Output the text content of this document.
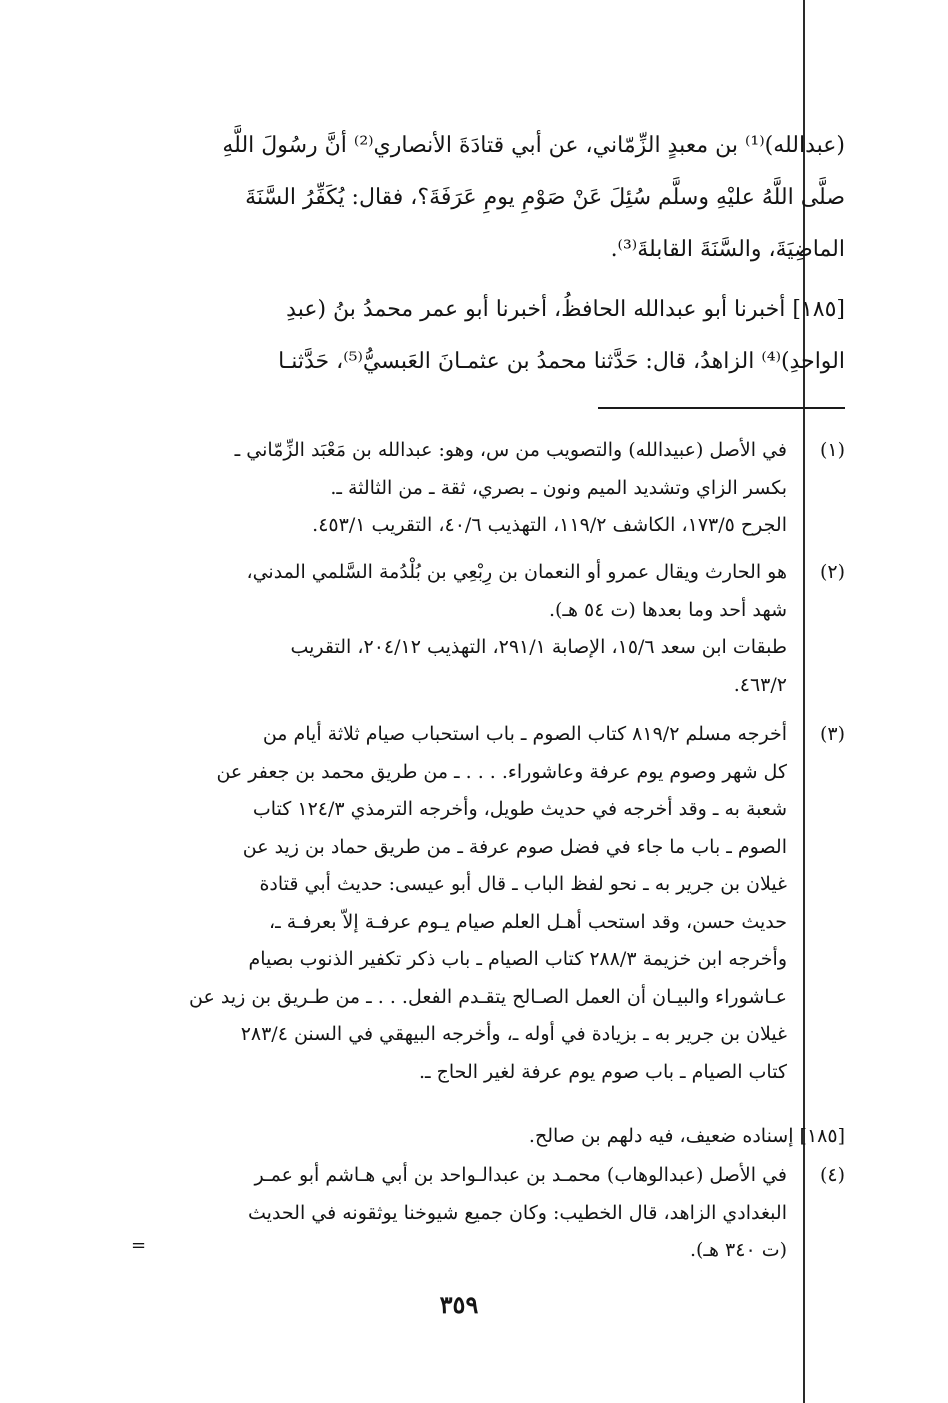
(عبدالله)⁽¹⁾ بن معبدٍ الزِّمّاني، عن أبي قتادَةَ الأنصاري⁽²⁾ أنَّ رسُولَ اللَّهِ
صلَّى اللَّهُ عليْهِ وسلَّم سُئِلَ عَنْ صَوْمِ يومِ عَرَفَةَ؟، فقال: يُكَفِّرُ السَّنَةَ
الماضِيَةَ، والسَّنَةَ القابلةَ⁽³⁾.
[١٨٥] أخبرنا أبو عبدالله الحافظُ، أخبرنا أبو عمر محمدُ بنُ (عبدِ
الواحدِ)⁽⁴⁾ الزاهدُ، قال: حَدَّثنا محمدُ بن عثمـانَ العَبسيُّ⁽⁵⁾، حَدَّثنـا
(١)
في الأصل (عبيدالله) والتصويب من س، وهو: عبدالله بن مَعْبَد الزِّمّاني ـ
بكسر الزاي وتشديد الميم ونون ـ بصري، ثقة ـ من الثالثة ـ.
الجرح ١٧٣/٥، الكاشف ١١٩/٢، التهذيب ٤٠/٦، التقريب ٤٥٣/١.
(٢)
هو الحارث ويقال عمرو أو النعمان بن رِبْعِي بن بُلْدُمة السَّلمي المدني،
شهد أحد وما بعدها (ت ٥٤ هـ).
طبقات ابن سعد ١٥/٦، الإصابة ٢٩١/١، التهذيب ٢٠٤/١٢، التقريب
٤٦٣/٢.
(٣)
أخرجه مسلم ٨١٩/٢ كتاب الصوم ـ باب استحباب صيام ثلاثة أيام من
كل شهر وصوم يوم عرفة وعاشوراء. . . . ـ من طريق محمد بن جعفر عن
شعبة به ـ وقد أخرجه في حديث طويل، وأخرجه الترمذي ١٢٤/٣ كتاب
الصوم ـ باب ما جاء في فضل صوم عرفة ـ من طريق حماد بن زيد عن
غيلان بن جرير به ـ نحو لفظ الباب ـ قال أبو عيسى: حديث أبي قتادة
حديث حسن، وقد استحب أهـل العلم صيام يـوم عرفـة إلاّ بعرفـة ـ،
وأخرجه ابن خزيمة ٢٨٨/٣ كتاب الصيام ـ باب ذكر تكفير الذنوب بصيام
عـاشوراء والبيـان أن العمل الصـالح يتقـدم الفعل. . . ـ من طـريق بن زيد عن
غيلان بن جرير به ـ بزيادة في أوله ـ، وأخرجه البيهقي في السنن ٢٨٣/٤
كتاب الصيام ـ باب صوم يوم عرفة لغير الحاج ـ.
[١٨٥] إسناده ضعيف، فيه دلهم بن صالح.
(٤)
في الأصل (عبدالوهاب) محمـد بن عبدالـواحد بن أبي هـاشم أبو عمـر
البغدادي الزاهد، قال الخطيب: وكان جميع شيوخنا يوثقونه في الحديث
(ت ٣٤٠ هـ).
=
٣٥٩
